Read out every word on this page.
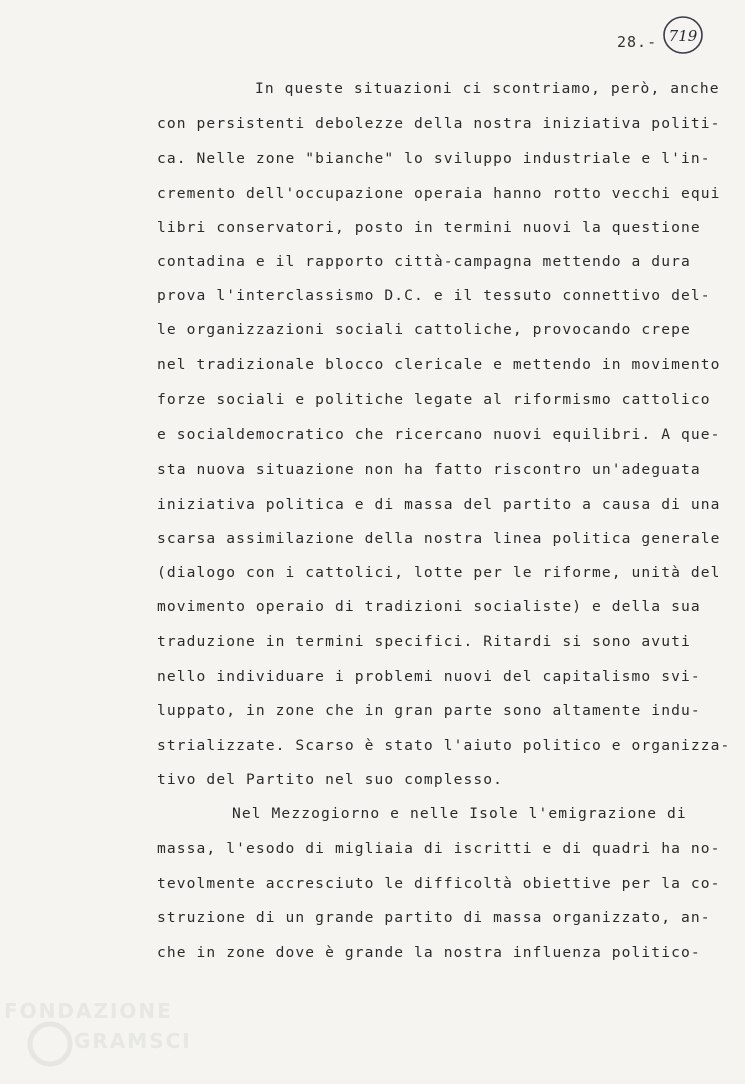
28.- 719
In queste situazioni ci scontriamo, però, anche
con persistenti debolezze della nostra iniziativa politi-
ca. Nelle zone "bianche" lo sviluppo industriale e l'in-
cremento dell'occupazione operaia hanno rotto vecchi equi
libri conservatori, posto in termini nuovi la questione
contadina e il rapporto città-campagna mettendo a dura
prova l'interclassismo D.C. e il tessuto connettivo del-
le organizzazioni sociali cattoliche, provocando crepe
nel tradizionale blocco clericale e mettendo in movimento
forze sociali e politiche legate al riformismo cattolico
e socialdemocratico che ricercano nuovi equilibri. A que-
sta nuova situazione non ha fatto riscontro un'adeguata
iniziativa politica e di massa del partito a causa di una
scarsa assimilazione della nostra linea politica generale
(dialogo con i cattolici, lotte per le riforme, unità del
movimento operaio di tradizioni socialiste) e della sua
traduzione in termini specifici. Ritardi si sono avuti
nello individuare i problemi nuovi del capitalismo svi-
luppato, in zone che in gran parte sono altamente indu-
strializzate. Scarso è stato l'aiuto politico e organizza-
tivo del Partito nel suo complesso.
Nel Mezzogiorno e nelle Isole l'emigrazione di
massa, l'esodo di migliaia di iscritti e di quadri ha no-
tevolmente accresciuto le difficoltà obiettive per la co-
struzione di un grande partito di massa organizzato, an-
che in zone dove è grande la nostra influenza politico-
FONDAZIONE
GRAMSCI
